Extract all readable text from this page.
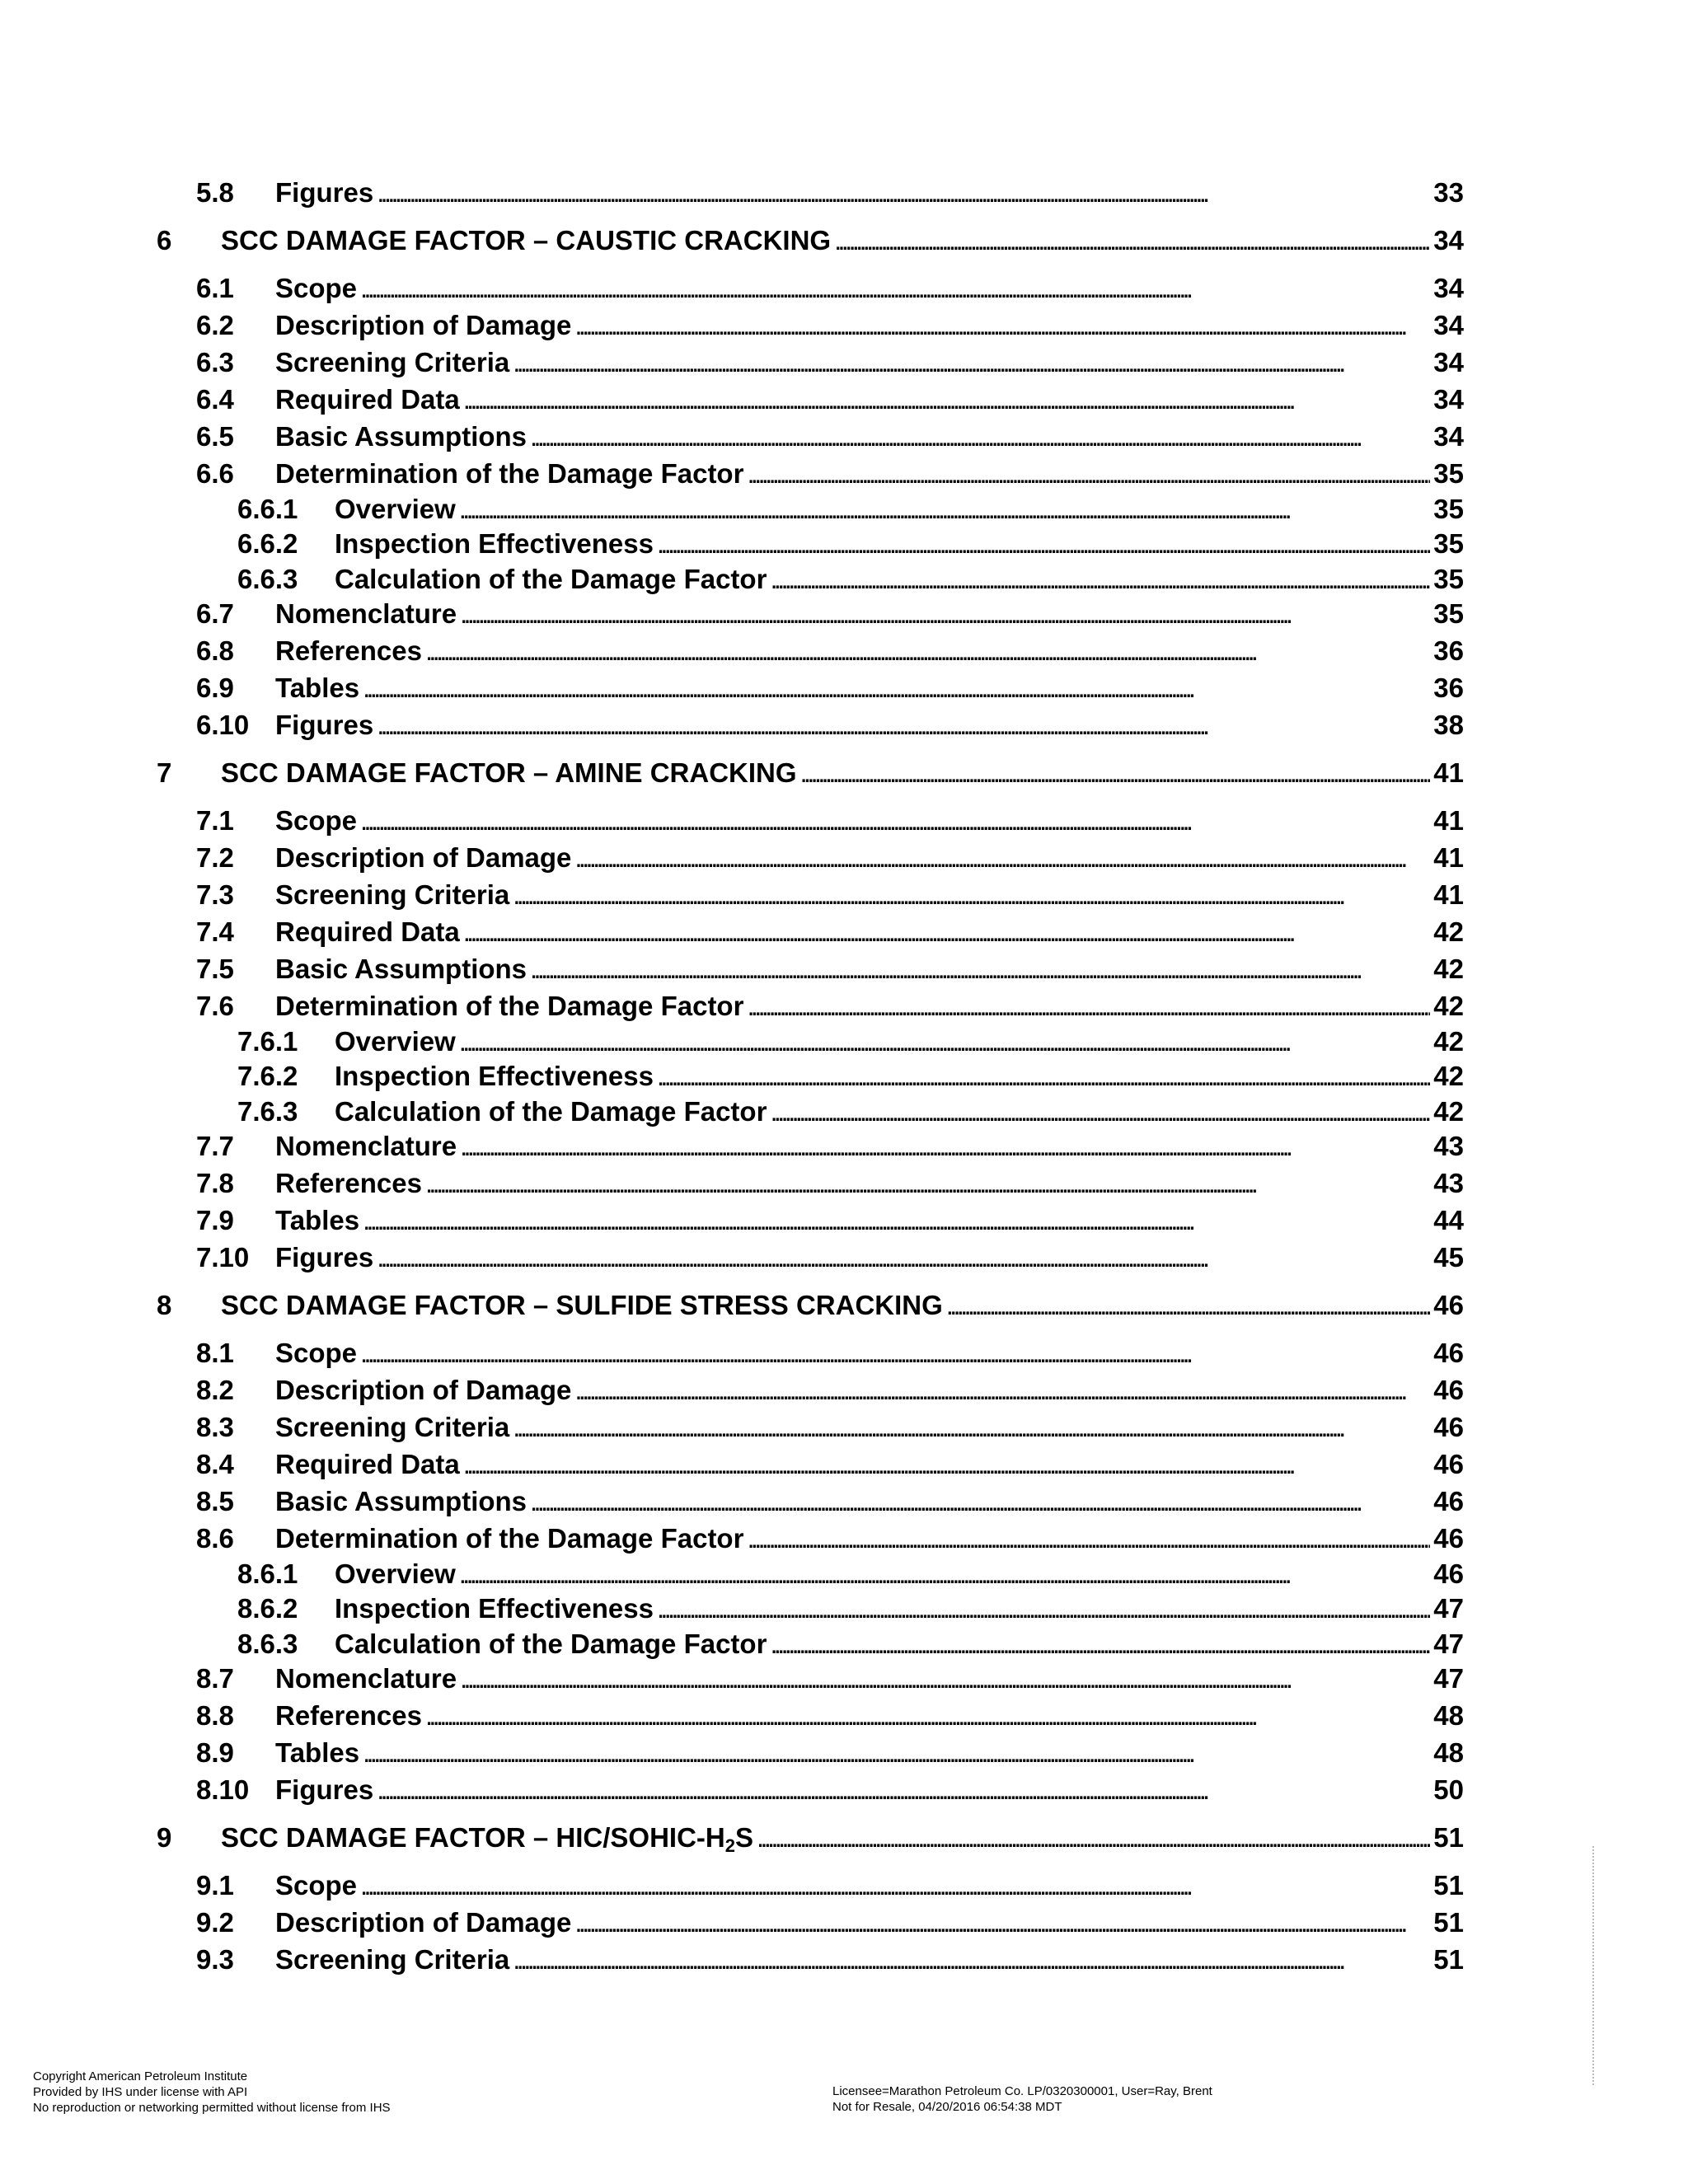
5.8	Figures . . .	33
6	SCC DAMAGE FACTOR – CAUSTIC CRACKING . . .	34
6.1	Scope . . .	34
6.2	Description of Damage . . .	34
6.3	Screening Criteria . . .	34
6.4	Required Data . . .	34
6.5	Basic Assumptions . . .	34
6.6	Determination of the Damage Factor . . .	35
6.6.1	Overview . . .	35
6.6.2	Inspection Effectiveness . . .	35
6.6.3	Calculation of the Damage Factor . . .	35
6.7	Nomenclature . . .	35
6.8	References . . .	36
6.9	Tables . . .	36
6.10 Figures . . .	38
7	SCC DAMAGE FACTOR – AMINE CRACKING . . .	41
7.1	Scope . . .	41
7.2	Description of Damage . . .	41
7.3	Screening Criteria . . .	41
7.4	Required Data . . .	42
7.5	Basic Assumptions . . .	42
7.6	Determination of the Damage Factor . . .	42
7.6.1	Overview . . .	42
7.6.2	Inspection Effectiveness . . .	42
7.6.3	Calculation of the Damage Factor . . .	42
7.7	Nomenclature . . .	43
7.8	References . . .	43
7.9	Tables . . .	44
7.10 Figures . . .	45
8	SCC DAMAGE FACTOR – SULFIDE STRESS CRACKING . . .	46
8.1	Scope . . .	46
8.2	Description of Damage . . .	46
8.3	Screening Criteria . . .	46
8.4	Required Data . . .	46
8.5	Basic Assumptions . . .	46
8.6	Determination of the Damage Factor . . .	46
8.6.1	Overview . . .	46
8.6.2	Inspection Effectiveness . . .	47
8.6.3	Calculation of the Damage Factor . . .	47
8.7	Nomenclature . . .	47
8.8	References . . .	48
8.9	Tables . . .	48
8.10 Figures . . .	50
9	SCC DAMAGE FACTOR – HIC/$SOHIC-H_2S$ . . .	51
9.1	Scope . . .	51
9.2	Description of Damage . . .	51
9.3	Screening Criteria . . .	51
Copyright American Petroleum Institute
Provided by IHS under license with API
No reproduction or networking permitted without license from IHS
Licensee=Marathon Petroleum Co. LP/0320300001, User=Ray, Brent
Not for Resale, 04/20/2016 06:54:38 MDT
